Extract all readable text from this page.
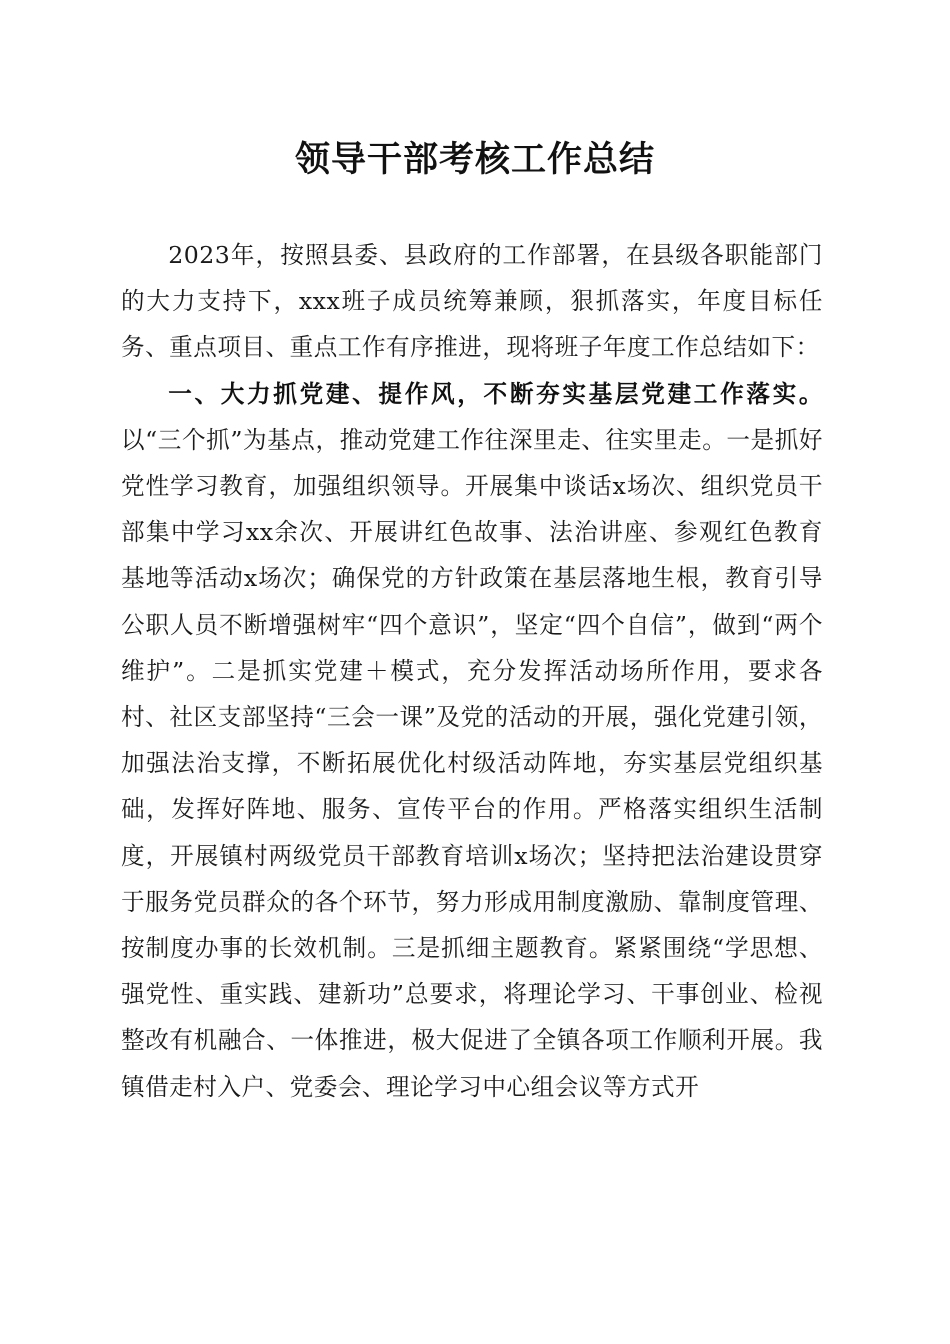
领导干部考核工作总结

2023年，按照县委、县政府的工作部署，在县级各职能部门的大力支持下，xxx班子成员统筹兼顾，狠抓落实，年度目标任务、重点项目、重点工作有序推进，现将班子年度工作总结如下：

一、大力抓党建、提作风，不断夯实基层党建工作落实。以“三个抓”为基点，推动党建工作往深里走、往实里走。一是抓好党性学习教育，加强组织领导。开展集中谈话x场次、组织党员干部集中学习xx余次、开展讲红色故事、法治讲座、参观红色教育基地等活动x场次；确保党的方针政策在基层落地生根，教育引导公职人员不断增强树牢“四个意识”，坚定“四个自信”，做到“两个维护”。二是抓实党建＋模式，充分发挥活动场所作用，要求各村、社区支部坚持“三会一课”及党的活动的开展，强化党建引领，加强法治支撑，不断拓展优化村级活动阵地，夯实基层党组织基础，发挥好阵地、服务、宣传平台的作用。严格落实组织生活制度，开展镇村两级党员干部教育培训x场次；坚持把法治建设贯穿于服务党员群众的各个环节，努力形成用制度激励、靠制度管理、按制度办事的长效机制。三是抓细主题教育。紧紧围绕“学思想、强党性、重实践、建新功”总要求，将理论学习、干事创业、检视整改有机融合、一体推进，极大促进了全镇各项工作顺利开展。我镇借走村入户、党委会、理论学习中心组会议等方式开
